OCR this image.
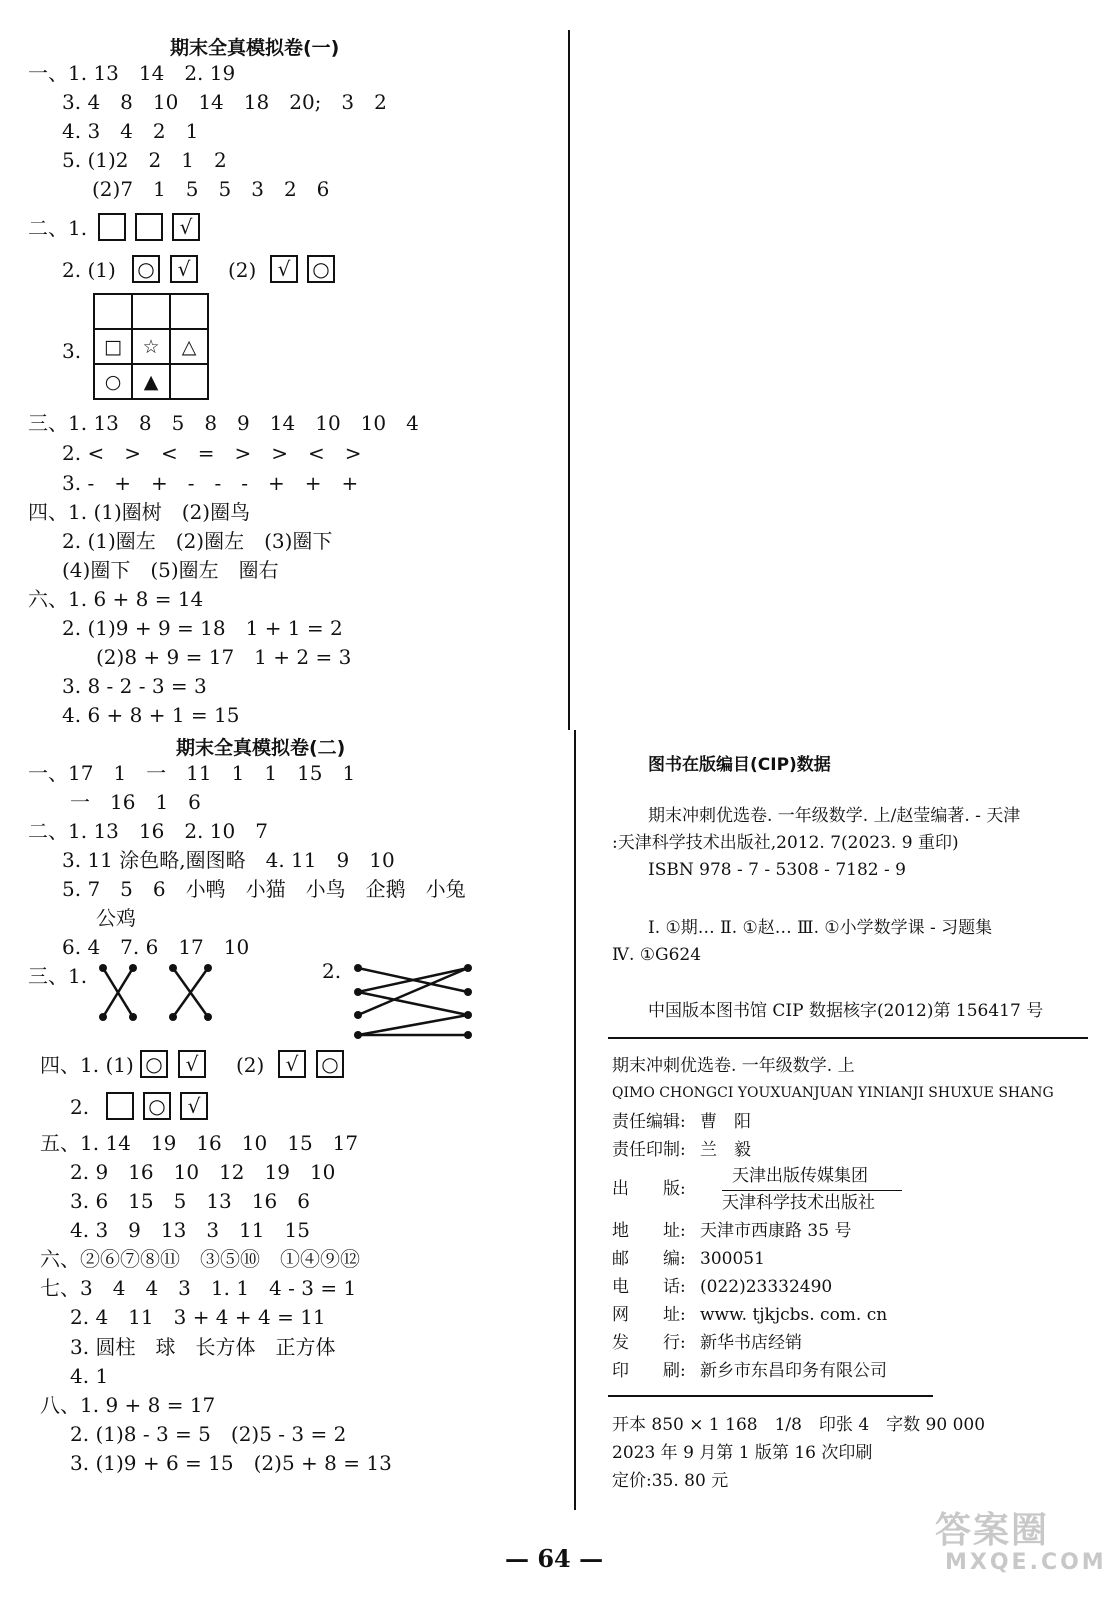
期末全真模拟卷(一)
一、1. 13　14　2. 19
3. 4　8　10　14　18　20;　3　2
4. 3　4　2　1
5. (1)2　2　1　2
(2)7　1　5　5　3　2　6
二、1.	√
2. (1) ○	√	(2)	√	○
3.
		□	☆	△
○	▲	
三、1. 13　8　5　8　9　14　10　10　4
2. <　>　<　=　>　>　<　>
3. -　+　+　-　-　-　+　+　+
四、1. (1)圈树　(2)圈鸟
2. (1)圈左　(2)圈左　(3)圈下
(4)圈下　(5)圈左　圈右
六、1. 6 + 8 = 14
2. (1)9 + 9 = 18　1 + 1 = 2
(2)8 + 9 = 17　1 + 2 = 3
3. 8 - 2 - 3 = 3
4. 6 + 8 + 1 = 15
期末全真模拟卷(二)
一、17　1　一　11　1　1　15　1
一　16　1　6
二、1. 13　16　2. 10　7
3. 11 涂色略,圈图略　4. 11　9　10
5. 7　5　6　小鸭　小猫　小鸟　企鹅　小兔
公鸡
6. 4　7. 6　17　10
三、1.	2.
四、1. (1) ○	√	(2)	√	○
2.	○	√
五、1. 14　19　16　10　15　17
2. 9　16　10　12　19　10
3. 6　15　5　13　16　6
4. 3　9　13　3　11　15
六、②⑥⑦⑧⑪　③⑤⑩　①④⑨⑫
七、3　4　4　3　1. 1　4 - 3 = 1
2. 4　11　3 + 4 + 4 = 11
3. 圆柱　球　长方体　正方体
4. 1
八、1. 9 + 8 = 17
2. (1)8 - 3 = 5　(2)5 - 3 = 2
3. (1)9 + 6 = 15　(2)5 + 8 = 13
图书在版编目(CIP)数据
期末冲刺优选卷. 一年级数学. 上/赵莹编著. - 天津
:天津科学技术出版社,2012. 7(2023. 9 重印)
ISBN 978 - 7 - 5308 - 7182 - 9
Ⅰ. ①期… Ⅱ. ①赵… Ⅲ. ①小学数学课 - 习题集
Ⅳ. ①G624
中国版本图书馆 CIP 数据核字(2012)第 156417 号
期末冲刺优选卷. 一年级数学. 上
QIMO CHONGCI YOUXUANJUAN YINIANJI SHUXUE SHANG
责任编辑: 曹　阳
责任印制: 兰　毅
出　　版:
天津出版传媒集团
天津科学技术出版社
地　　址: 天津市西康路 35 号
邮　　编: 300051
电　　话: (022)23332490
网　　址: www. tjkjcbs. com. cn
发　　行: 新华书店经销
印　　刷: 新乡市东昌印务有限公司
开本 850 × 1 168　1/8　印张 4　字数 90 000
2023 年 9 月第 1 版第 16 次印刷
定价:35. 80 元
答案圈
MXQE.COM
— 64 —
